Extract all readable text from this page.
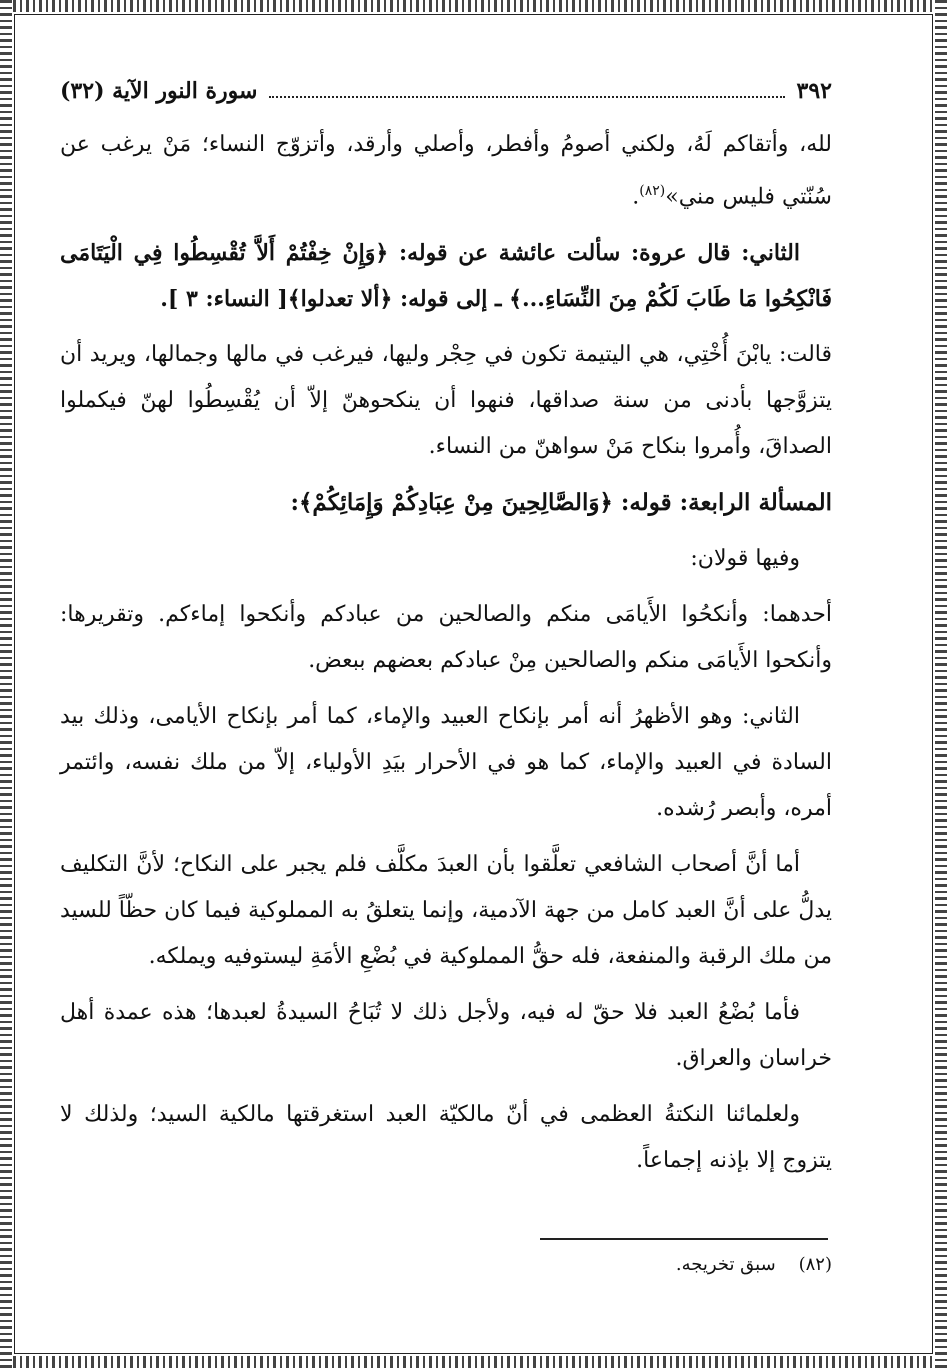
٣٩٢
سورة النور الآية (٣٢)

لله، وأتقاكم لَهُ، ولكني أصومُ وأفطر، وأصلي وأرقد، وأتزوّج النساء؛ مَنْ يرغب عن سُنّتي فليس مني»$^{(٨٢)}$.

الثاني: قال عروة: سألت عائشة عن قوله: ﴿وَإِنْ خِفْتُمْ أَلاَّ تُقْسِطُوا فِي الْيَتَامَى فَانْكِحُوا مَا طَابَ لَكُمْ مِنَ النِّسَاءِ...﴾ ـ إلى قوله: ﴿ألا تعدلوا﴾[ النساء: ٣ ].

قالت: يابْنَ أُخْتِي، هي اليتيمة تكون في حِجْر وليها، فيرغب في مالها وجمالها، ويريد أن يتزوَّجها بأدنى من سنة صداقها، فنهوا أن ينكحوهنّ إلاّ أن يُقْسِطُوا لهنّ فيكملوا الصداقَ، وأُمروا بنكاح مَنْ سواهنّ من النساء.

المسألة الرابعة: قوله: ﴿وَالصَّالِحِينَ مِنْ عِبَادِكُمْ وَإِمَائِكُمْ﴾:

وفيها قولان:

أحدهما: وأنكحُوا الأَيامَى منكم والصالحين من عبادكم وأنكحوا إماءكم. وتقريرها: وأنكحوا الأَيامَى منكم والصالحين مِنْ عبادكم بعضهم ببعض.

الثاني: وهو الأظهرُ أنه أمر بإنكاح العبيد والإماء، كما أمر بإنكاح الأيامى، وذلك بيد السادة في العبيد والإماء، كما هو في الأحرار بيَدِ الأولياء، إلاّ من ملك نفسه، وائتمر أمره، وأبصر رُشده.

أما أنَّ أصحاب الشافعي تعلَّقوا بأن العبدَ مكلَّف فلم يجبر على النكاح؛ لأنَّ التكليف يدلُّ على أنَّ العبد كامل من جهة الآدمية، وإنما يتعلقُ به المملوكية فيما كان حظّاً للسيد من ملك الرقبة والمنفعة، فله حقُّ المملوكية في بُضْعِ الأمَةِ ليستوفيه ويملكه.

فأما بُضْعُ العبد فلا حقّ له فيه، ولأجل ذلك لا تُبَاحُ السيدةُ لعبدها؛ هذه عمدة أهل خراسان والعراق.

ولعلمائنا النكتةُ العظمى في أنّ مالكيّة العبد استغرقتها مالكية السيد؛ ولذلك لا يتزوج إلا بإذنه إجماعاً.

(٨٢)    سبق تخريجه.
